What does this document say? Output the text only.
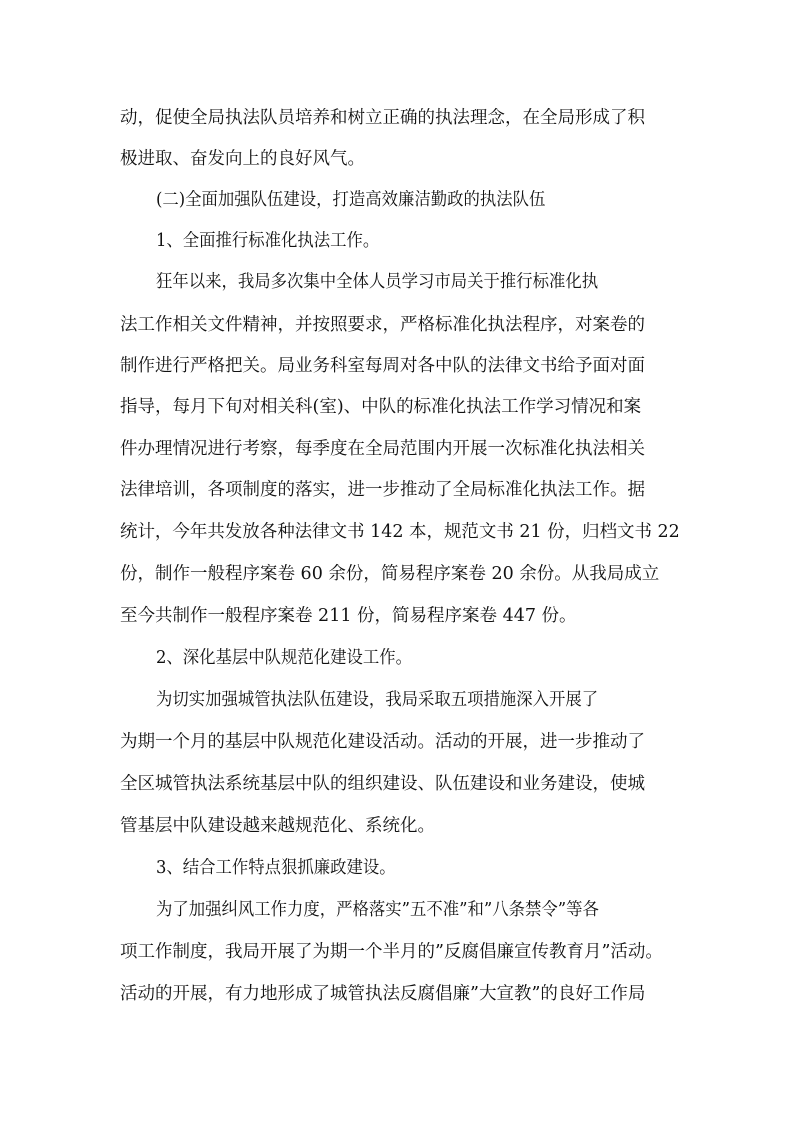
动，促使全局执法队员培养和树立正确的执法理念，在全局形成了积
极进取、奋发向上的良好风气。
(二)全面加强队伍建设，打造高效廉洁勤政的执法队伍
1、全面推行标准化执法工作。
狂年以来，我局多次集中全体人员学习市局关于推行标准化执
法工作相关文件精神，并按照要求，严格标准化执法程序，对案卷的
制作进行严格把关。局业务科室每周对各中队的法律文书给予面对面
指导，每月下旬对相关科(室)、中队的标准化执法工作学习情况和案
件办理情况进行考察，每季度在全局范围内开展一次标准化执法相关
法律培训，各项制度的落实，进一步推动了全局标准化执法工作。据
统计，今年共发放各种法律文书 142 本，规范文书 21 份，归档文书 22
份，制作一般程序案卷 60 余份，简易程序案卷 20 余份。从我局成立
至今共制作一般程序案卷 211 份，简易程序案卷 447 份。
2、深化基层中队规范化建设工作。
为切实加强城管执法队伍建设，我局采取五项措施深入开展了
为期一个月的基层中队规范化建设活动。活动的开展，进一步推动了
全区城管执法系统基层中队的组织建设、队伍建设和业务建设，使城
管基层中队建设越来越规范化、系统化。
3、结合工作特点狠抓廉政建设。
为了加强纠风工作力度，严格落实”五不准”和”八条禁令”等各
项工作制度，我局开展了为期一个半月的”反腐倡廉宣传教育月”活动。
活动的开展，有力地形成了城管执法反腐倡廉”大宣教”的良好工作局
